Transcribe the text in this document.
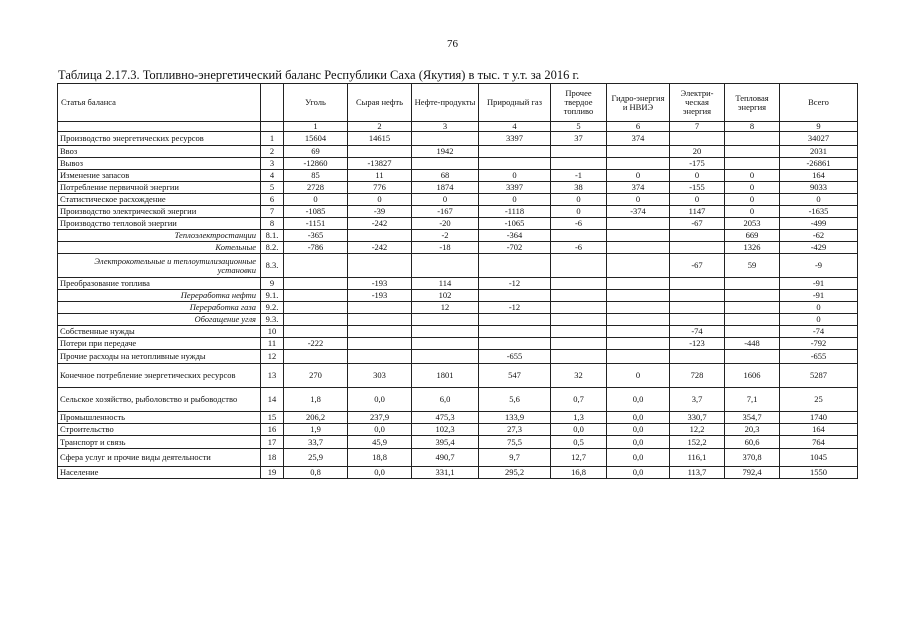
76
Таблица 2.17.3. Топливно-энергетический баланс Республики Саха (Якутия) в тыс. т у.т. за 2016 г.
Статья баланса		Уголь	Сырая нефть	Нефте-продукты	Природный газ	Прочее твердое топливо	Гидро-энергия и НВИЭ	Электри-ческая энергия	Тепловая энергия	Всего
		1	2	3	4	5	6	7	8	9
Производство энергетических ресурсов	1	15604	14615		3397	37	374			34027
Ввоз	2	69		1942				20		2031
Вывоз	3	-12860	-13827					-175		-26861
Изменение запасов	4	85	11	68	0	-1	0	0	0	164
Потребление первичной энергии	5	2728	776	1874	3397	38	374	-155	0	9033
Статистическое расхождение	6	0	0	0	0	0	0	0	0	0
Производство электрической энергии	7	-1085	-39	-167	-1118	0	-374	1147	0	-1635
Производство тепловой энергии	8	-1151	-242	-20	-1065	-6		-67	2053	-499
Теплоэлектростанции	8.1.	-365		-2	-364				669	-62
Котельные	8.2.	-786	-242	-18	-702	-6			1326	-429
Электрокотельные и теплоутилизационные установки	8.3.							-67	59	-9
Преобразование топлива	9		-193	114	-12					-91
Переработка нефти	9.1.		-193	102						-91
Переработка газа	9.2.			12	-12					0
Обогащение угля	9.3.									0
Собственные нужды	10							-74		-74
Потери при передаче	11	-222						-123	-448	-792
Прочие расходы на нетопливные нужды	12				-655					-655
Конечное потребление энергетических ресурсов	13	270	303	1801	547	32	0	728	1606	5287
Сельское хозяйство, рыболовство и рыбоводство	14	1,8	0,0	6,0	5,6	0,7	0,0	3,7	7,1	25
Промышленность	15	206,2	237,9	475,3	133,9	1,3	0,0	330,7	354,7	1740
Строительство	16	1,9	0,0	102,3	27,3	0,0	0,0	12,2	20,3	164
Транспорт и связь	17	33,7	45,9	395,4	75,5	0,5	0,0	152,2	60,6	764
Сфера услуг и прочие виды деятельности	18	25,9	18,8	490,7	9,7	12,7	0,0	116,1	370,8	1045
Население	19	0,8	0,0	331,1	295,2	16,8	0,0	113,7	792,4	1550
